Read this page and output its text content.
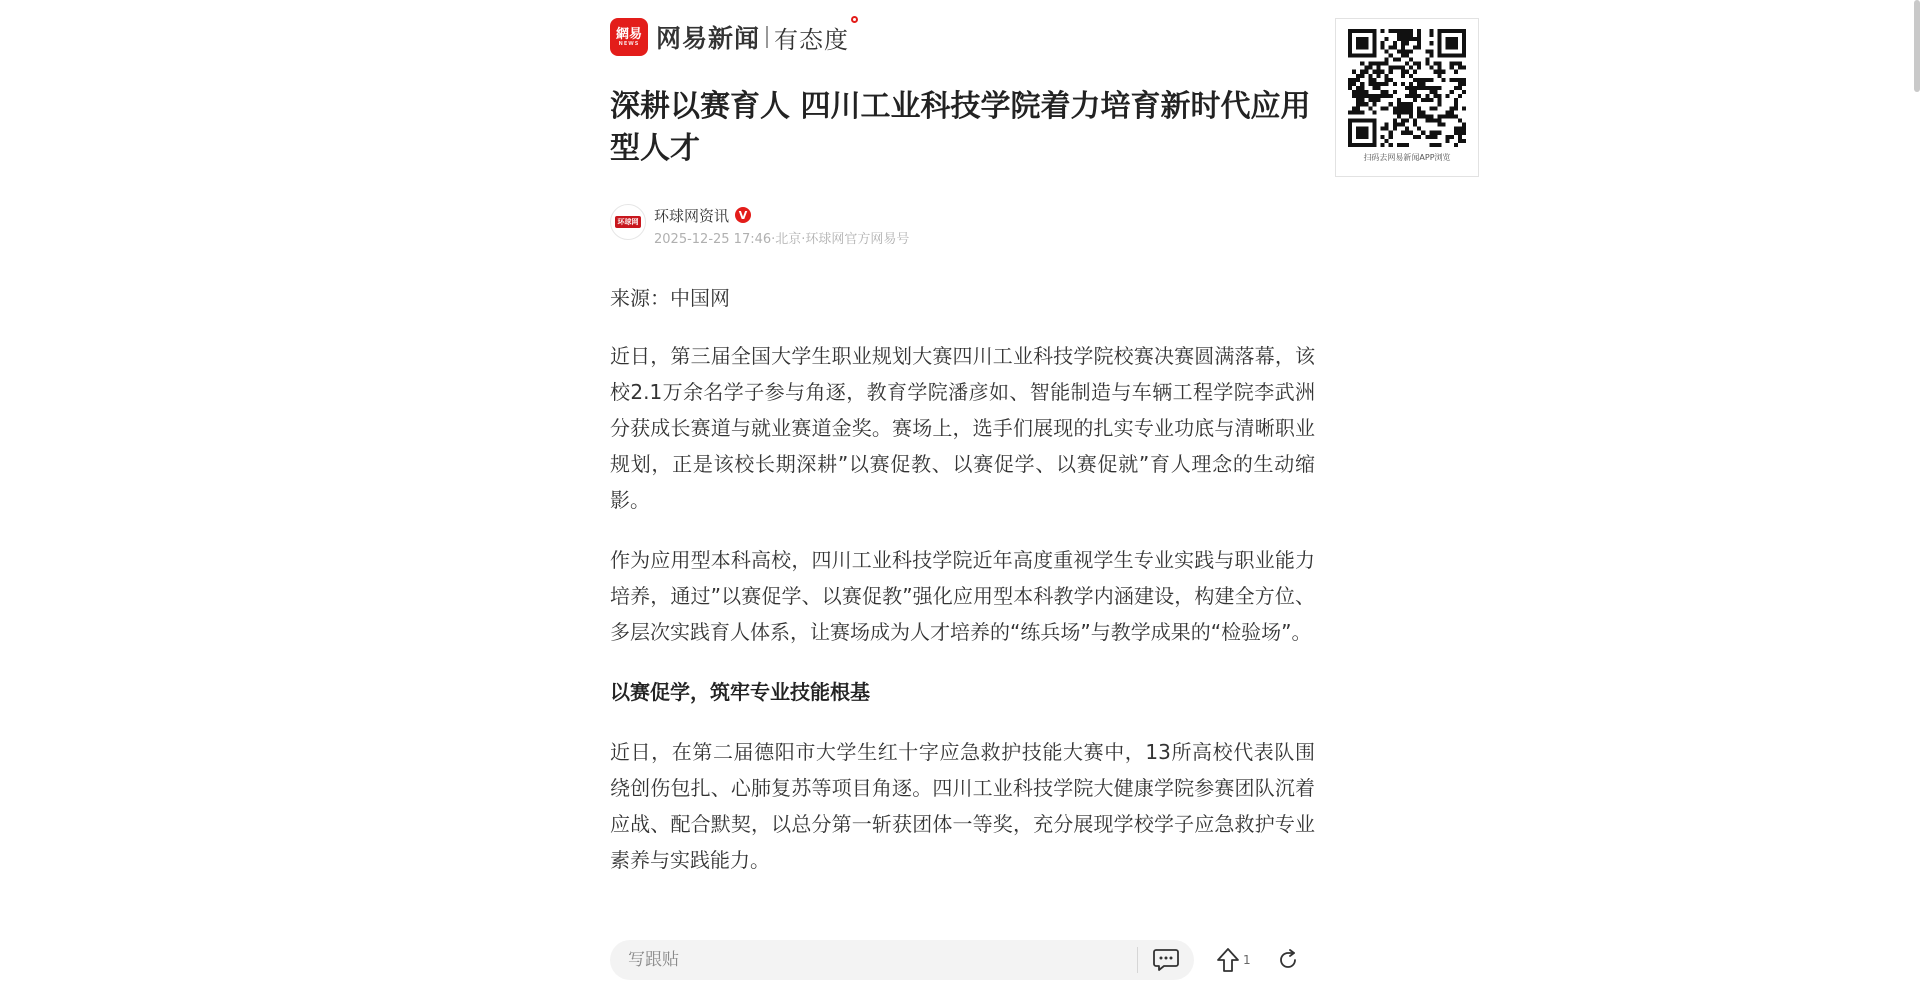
網易
NEWS 网易新闻 有态度
深耕以赛育人 四川工业科技学院着力培育新时代应用型人才
环球网 环球网资讯 V
2025-12-25 17:46·北京·环球网官方网易号

来源：中国网

近日，第三届全国大学生职业规划大赛四川工业科技学院校赛决赛圆满落幕，该校2.1万余名学子参与角逐，教育学院潘彦如、智能制造与车辆工程学院李武洲分获成长赛道与就业赛道金奖。赛场上，选手们展现的扎实专业功底与清晰职业规划，正是该校长期深耕”以赛促教、以赛促学、以赛促就”育人理念的生动缩影。

作为应用型本科高校，四川工业科技学院近年高度重视学生专业实践与职业能力培养，通过”以赛促学、以赛促教”强化应用型本科教学内涵建设，构建全方位、多层次实践育人体系，让赛场成为人才培养的“练兵场”与教学成果的“检验场”。

以赛促学，筑牢专业技能根基

近日，在第二届德阳市大学生红十字应急救护技能大赛中，13所高校代表队围绕创伤包扎、心肺复苏等项目角逐。四川工业科技学院大健康学院参赛团队沉着应战、配合默契，以总分第一斩获团体一等奖，充分展现学校学子应急救护专业素养与实践能力。

扫码去网易新闻APP浏览
写跟贴
1
